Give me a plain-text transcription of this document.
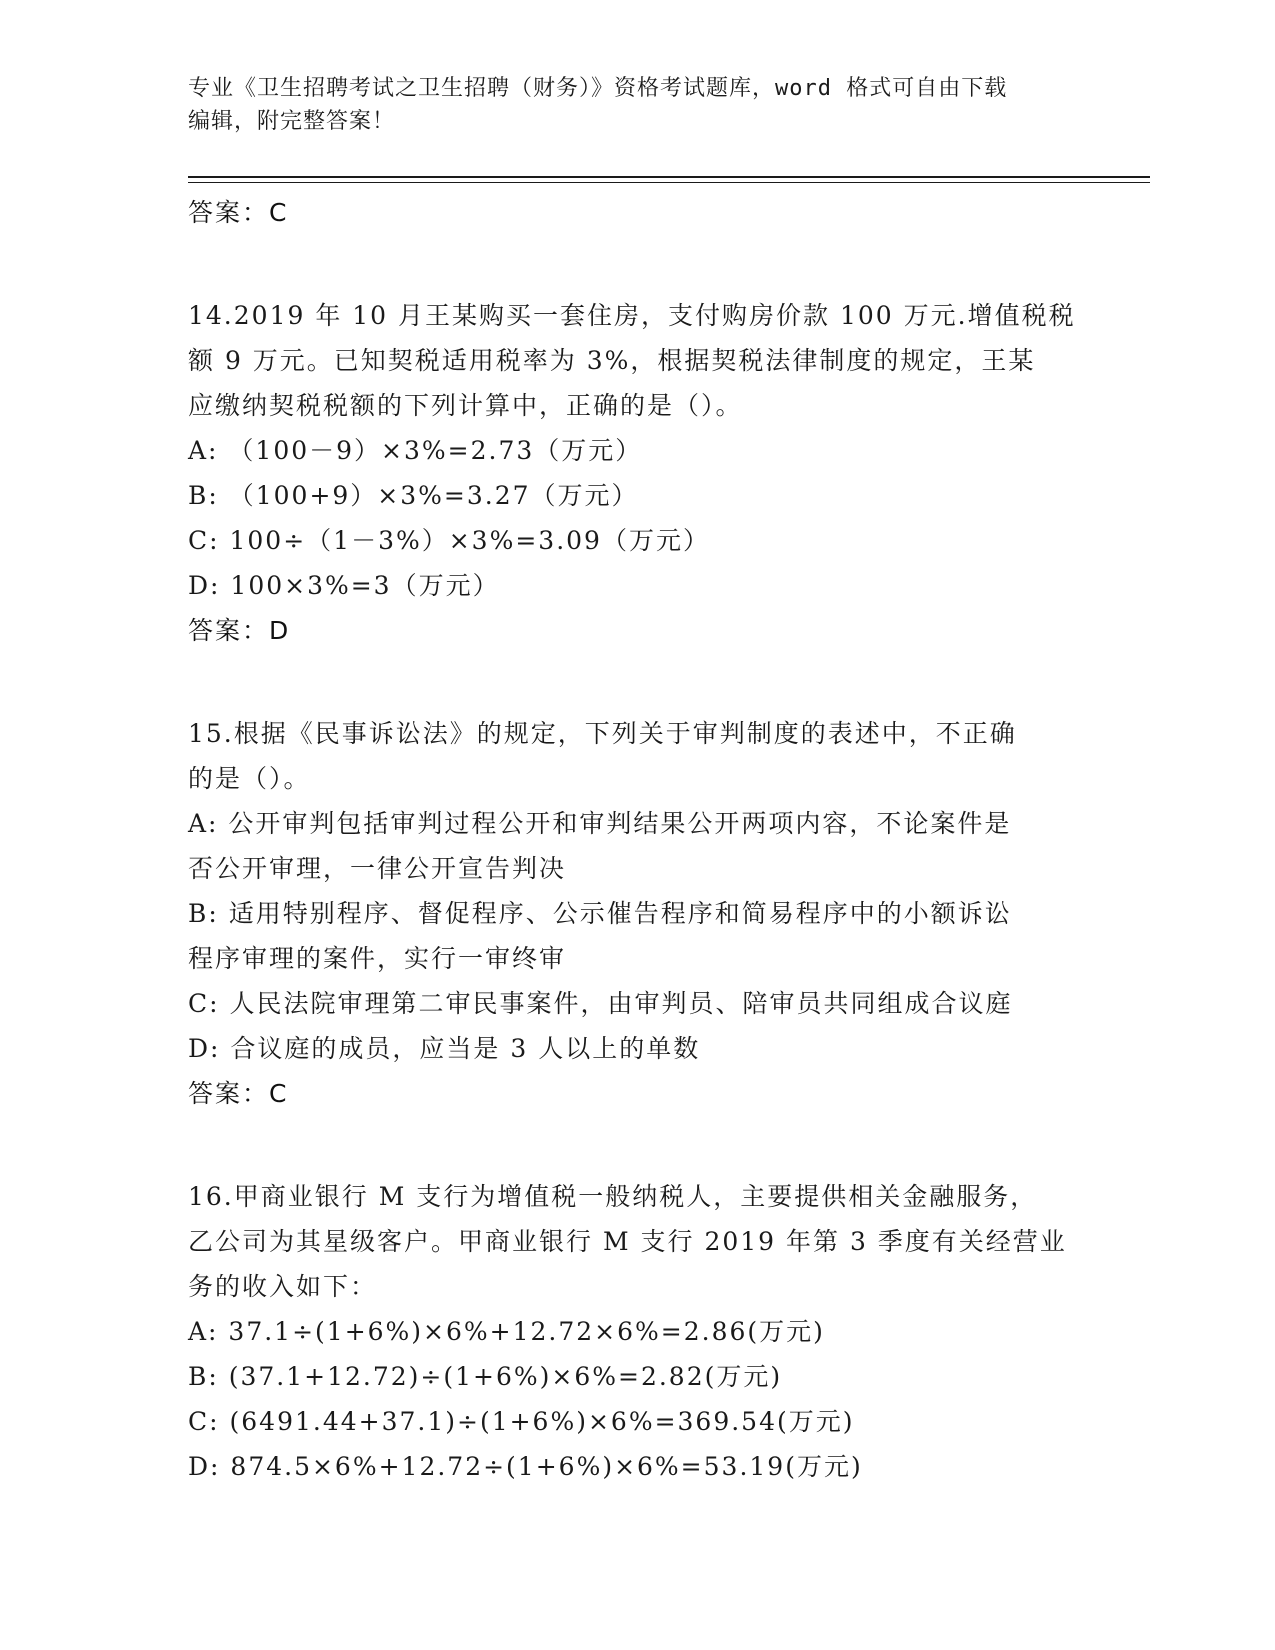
专业《卫生招聘考试之卫生招聘（财务）》资格考试题库，word 格式可自由下载
编辑，附完整答案！

答案：C

14.2019 年 10 月王某购买一套住房，支付购房价款 100 万元.增值税税

额 9 万元。已知契税适用税率为 3%，根据契税法律制度的规定，王某

应缴纳契税税额的下列计算中，正确的是（）。

A: （100－9）×3%=2.73（万元）

B: （100+9）×3%=3.27（万元）

C: 100÷（1－3%）×3%=3.09（万元）

D: 100×3%=3（万元）

答案：D

15.根据《民事诉讼法》的规定，下列关于审判制度的表述中，不正确

的是（）。

A: 公开审判包括审判过程公开和审判结果公开两项内容，不论案件是

否公开审理，一律公开宣告判决

B: 适用特别程序、督促程序、公示催告程序和简易程序中的小额诉讼

程序审理的案件，实行一审终审

C: 人民法院审理第二审民事案件，由审判员、陪审员共同组成合议庭

D: 合议庭的成员，应当是 3 人以上的单数

答案：C

16.甲商业银行 M 支行为增值税一般纳税人，主要提供相关金融服务，

乙公司为其星级客户。甲商业银行 M 支行 2019 年第 3 季度有关经营业

务的收入如下：

A: 37.1÷(1+6%)×6%+12.72×6%=2.86(万元)

B: (37.1+12.72)÷(1+6%)×6%=2.82(万元)

C: (6491.44+37.1)÷(1+6%)×6%=369.54(万元)

D: 874.5×6%+12.72÷(1+6%)×6%=53.19(万元)
